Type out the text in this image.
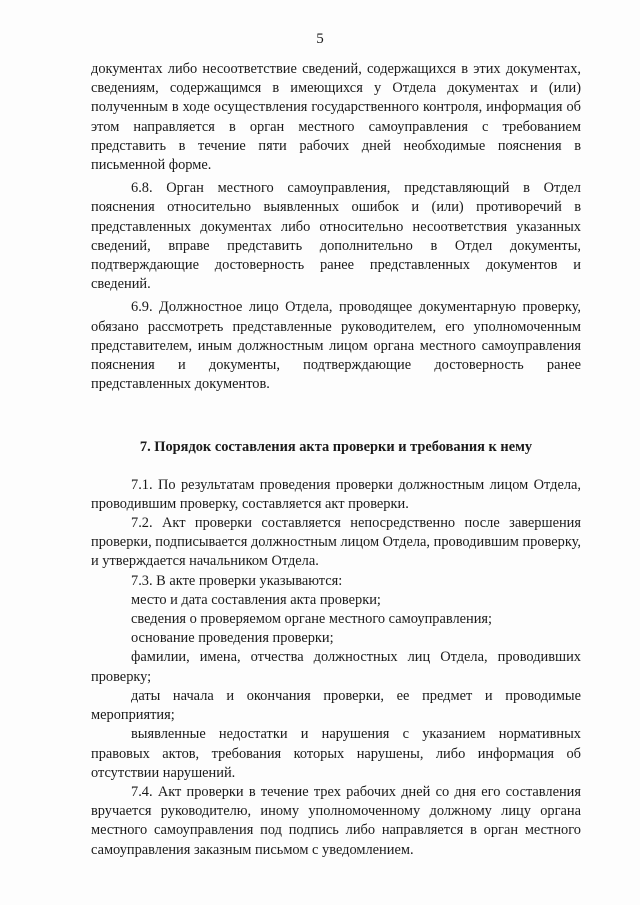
5

документах либо несоответствие сведений, содержащихся в этих документах, сведениям, содержащимся в имеющихся у Отдела документах и (или) полученным в ходе осуществления государственного контроля, информация об этом направляется в орган местного самоуправления с требованием представить в течение пяти рабочих дней необходимые пояснения в письменной форме.

6.8. Орган местного самоуправления, представляющий в Отдел пояснения относительно выявленных ошибок и (или) противоречий в представленных документах либо относительно несоответствия указанных сведений, вправе представить дополнительно в Отдел документы, подтверждающие достоверность ранее представленных документов и сведений.

6.9. Должностное лицо Отдела, проводящее документарную проверку, обязано рассмотреть представленные руководителем, его уполномоченным представителем, иным должностным лицом органа местного самоуправления пояснения и документы, подтверждающие достоверность ранее представленных документов.

7. Порядок составления акта проверки и требования к нему

7.1. По результатам проведения проверки должностным лицом Отдела, проводившим проверку, составляется акт проверки.

7.2. Акт проверки составляется непосредственно после завершения проверки, подписывается должностным лицом Отдела, проводившим проверку, и утверждается начальником Отдела.

7.3. В акте проверки указываются:

место и дата составления акта проверки;

сведения о проверяемом органе местного самоуправления;

основание проведения проверки;

фамилии, имена, отчества должностных лиц Отдела, проводивших проверку;

даты начала и окончания проверки, ее предмет и проводимые мероприятия;

выявленные недостатки и нарушения с указанием нормативных правовых актов, требования которых нарушены, либо информация об отсутствии нарушений.

7.4. Акт проверки в течение трех рабочих дней со дня его составления вручается руководителю, иному уполномоченному должному лицу органа местного самоуправления под подпись либо направляется в орган местного самоуправления заказным письмом с уведомлением.
